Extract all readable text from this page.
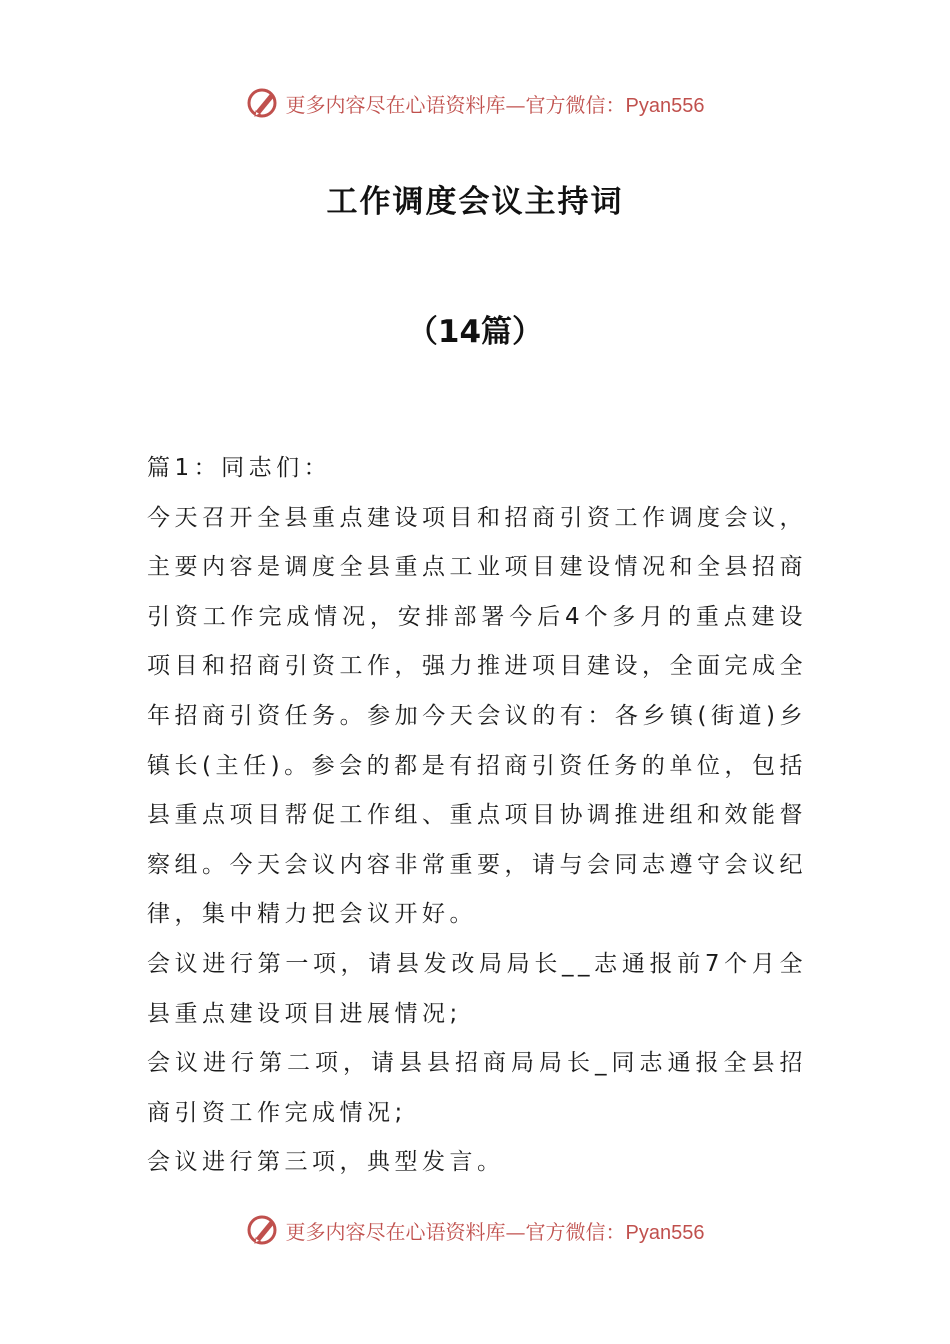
更多内容尽在心语资料库—官方微信：Pyan556
工作调度会议主持词
（14篇）

篇1：同志们：

今天召开全县重点建设项目和招商引资工作调度会议，主要内容是调度全县重点工业项目建设情况和全县招商引资工作完成情况，安排部署今后4个多月的重点建设项目和招商引资工作，强力推进项目建设，全面完成全年招商引资任务。参加今天会议的有：各乡镇(街道)乡镇长(主任)。参会的都是有招商引资任务的单位，包括县重点项目帮促工作组、重点项目协调推进组和效能督察组。今天会议内容非常重要，请与会同志遵守会议纪律，集中精力把会议开好。

会议进行第一项，请县发改局局长__志通报前7个月全县重点建设项目进展情况;

会议进行第二项，请县县招商局局长_同志通报全县招商引资工作完成情况;

会议进行第三项，典型发言。

更多内容尽在心语资料库—官方微信：Pyan556
